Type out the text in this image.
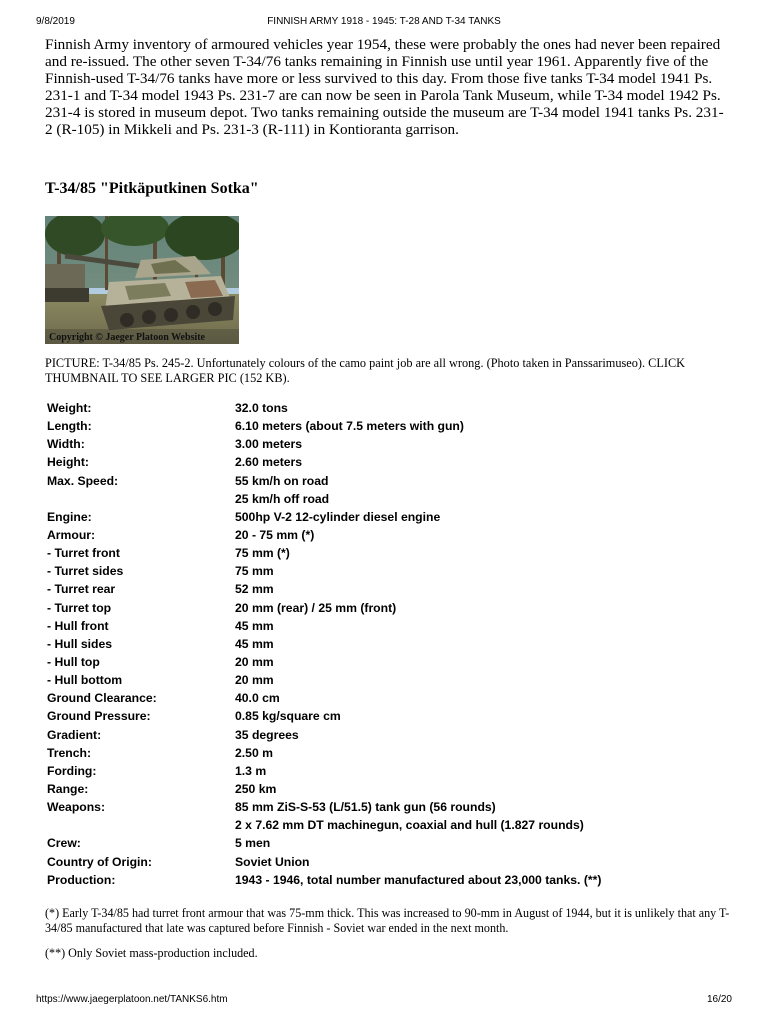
9/8/2019	FINNISH ARMY 1918 - 1945: T-28 AND T-34 TANKS

Finnish Army inventory of armoured vehicles year 1954, these were probably the ones had never been repaired and re-issued. The other seven T-34/76 tanks remaining in Finnish use until year 1961. Apparently five of the Finnish-used T-34/76 tanks have more or less survived to this day. From those five tanks T-34 model 1941 Ps. 231-1 and T-34 model 1943 Ps. 231-7 are can now be seen in Parola Tank Museum, while T-34 model 1942 Ps. 231-4 is stored in museum depot. Two tanks remaining outside the museum are T-34 model 1941 tanks Ps. 231-2 (R-105) in Mikkeli and Ps. 231-3 (R-111) in Kontioranta garrison.

T-34/85 "Pitkäputkinen Sotka"
Copyright © Jaeger Platoon Website

PICTURE: T-34/85 Ps. 245-2. Unfortunately colours of the camo paint job are all wrong. (Photo taken in Panssarimuseo). CLICK THUMBNAIL TO SEE LARGER PIC (152 KB).

Weight:	32.0 tons
Length:	6.10 meters (about 7.5 meters with gun)
Width:	3.00 meters
Height:	2.60 meters
Max. Speed:	55 km/h on road
	25 km/h off road
Engine:	500hp V-2 12-cylinder diesel engine
Armour:	20 - 75 mm (*)
- Turret front	75 mm (*)
- Turret sides	75 mm
- Turret rear	52 mm
- Turret top	20 mm (rear) / 25 mm (front)
- Hull front	45 mm
- Hull sides	45 mm
- Hull top	20 mm
- Hull bottom	20 mm
Ground Clearance:	40.0 cm
Ground Pressure:	0.85 kg/square cm
Gradient:	35 degrees
Trench:	2.50 m
Fording:	1.3 m
Range:	250 km
Weapons:	85 mm ZiS-S-53 (L/51.5) tank gun (56 rounds)
	2 x 7.62 mm DT machinegun, coaxial and hull (1.827 rounds)
Crew:	5 men
Country of Origin:	Soviet Union
Production:	1943 - 1946, total number manufactured about 23,000 tanks. (**)

(*) Early T-34/85 had turret front armour that was 75-mm thick. This was increased to 90-mm in August of 1944, but it is unlikely that any T-34/85 manufactured that late was captured before Finnish - Soviet war ended in the next month.

(**) Only Soviet mass-production included.

https://www.jaegerplatoon.net/TANKS6.htm	16/20
